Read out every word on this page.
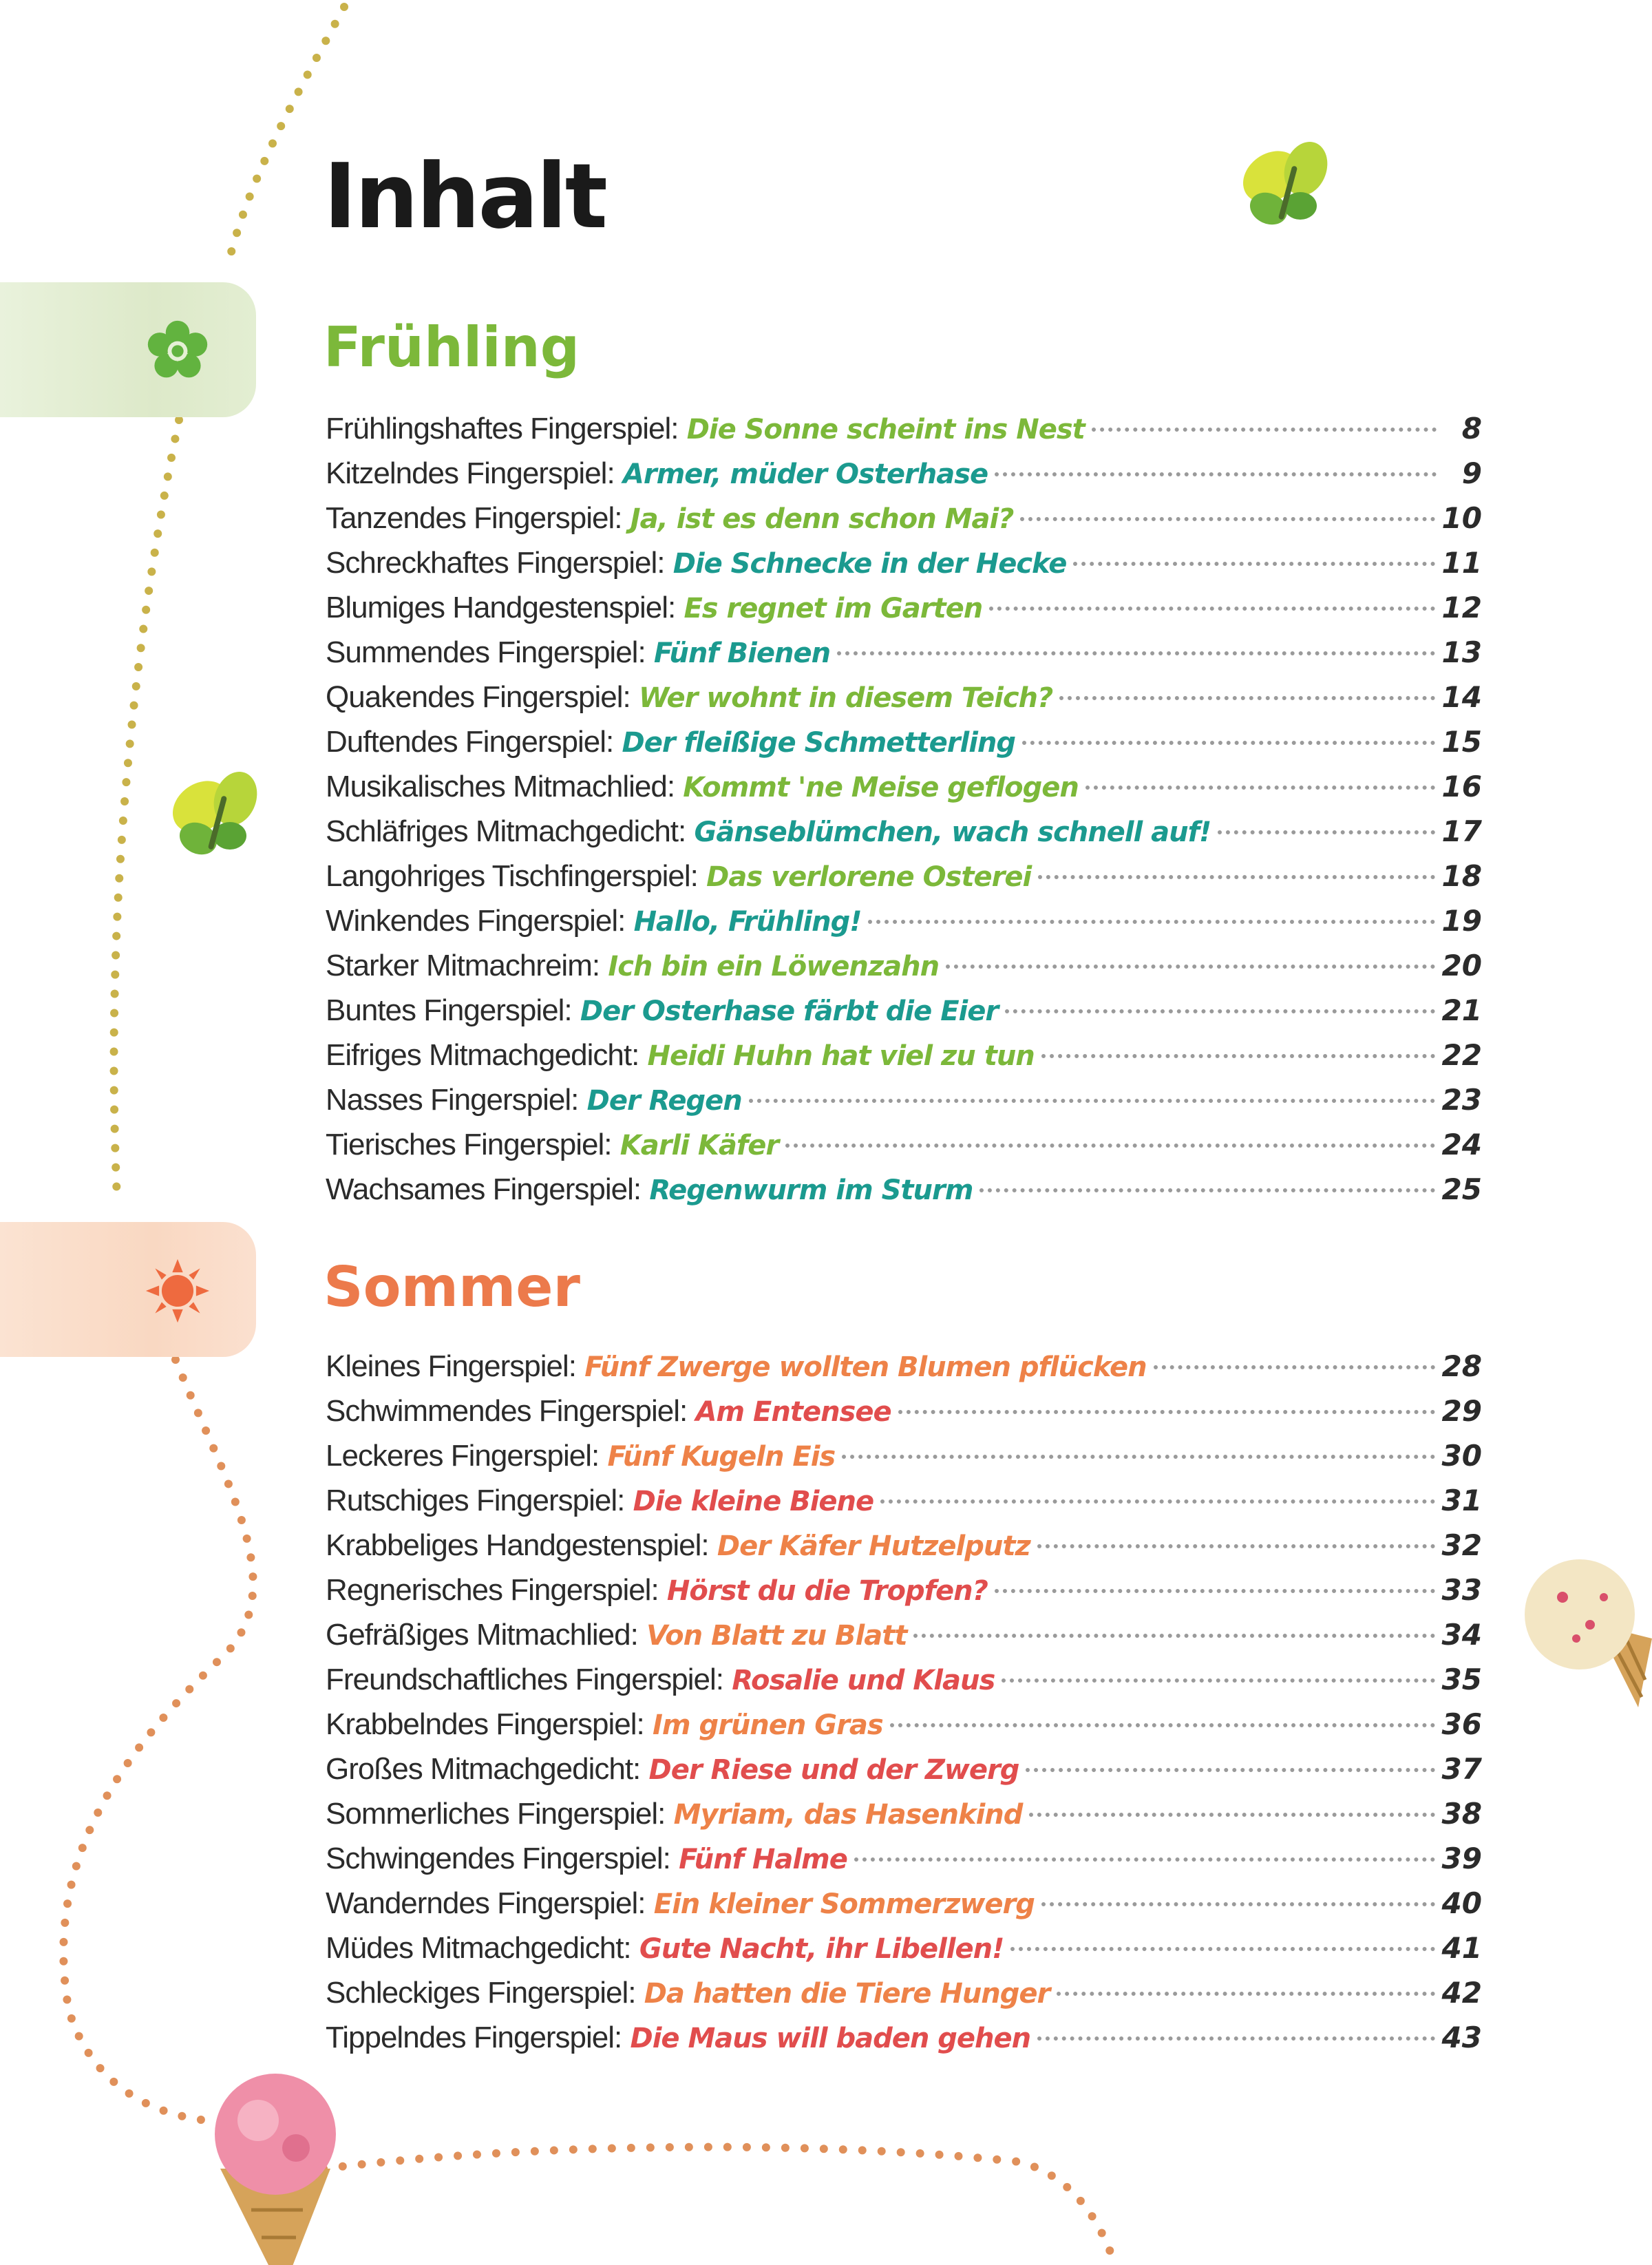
Inhalt
Frühling
Frühlingshaftes Fingerspiel:
Die Sonne scheint ins Nest	8
Kitzelndes Fingerspiel:
Armer, müder Osterhase	9
Tanzendes Fingerspiel:
Ja, ist es denn schon Mai?	10
Schreckhaftes Fingerspiel:
Die Schnecke in der Hecke	11
Blumiges Handgestenspiel:
Es regnet im Garten	12
Summendes Fingerspiel:
Fünf Bienen	13
Quakendes Fingerspiel:
Wer wohnt in diesem Teich?	14
Duftendes Fingerspiel:
Der fleißige Schmetterling	15
Musikalisches Mitmachlied:
Kommt 'ne Meise geflogen	16
Schläfriges Mitmachgedicht:
Gänseblümchen, wach schnell auf!	17
Langohriges Tischfingerspiel:
Das verlorene Osterei	18
Winkendes Fingerspiel:
Hallo, Frühling!	19
Starker Mitmachreim:
Ich bin ein Löwenzahn	20
Buntes Fingerspiel:
Der Osterhase färbt die Eier	21
Eifriges Mitmachgedicht:
Heidi Huhn hat viel zu tun	22
Nasses Fingerspiel:
Der Regen	23
Tierisches Fingerspiel:
Karli Käfer	24
Wachsames Fingerspiel:
Regenwurm im Sturm	25
Sommer
Kleines Fingerspiel:
Fünf Zwerge wollten Blumen pflücken	28
Schwimmendes Fingerspiel:
Am Entensee	29
Leckeres Fingerspiel:
Fünf Kugeln Eis	30
Rutschiges Fingerspiel:
Die kleine Biene	31
Krabbeliges Handgestenspiel:
Der Käfer Hutzelputz	32
Regnerisches Fingerspiel:
Hörst du die Tropfen?	33
Gefräßiges Mitmachlied:
Von Blatt zu Blatt	34
Freundschaftliches Fingerspiel:
Rosalie und Klaus	35
Krabbelndes Fingerspiel:
Im grünen Gras	36
Großes Mitmachgedicht:
Der Riese und der Zwerg	37
Sommerliches Fingerspiel:
Myriam, das Hasenkind	38
Schwingendes Fingerspiel:
Fünf Halme	39
Wanderndes Fingerspiel:
Ein kleiner Sommerzwerg	40
Müdes Mitmachgedicht:
Gute Nacht, ihr Libellen!	41
Schleckiges Fingerspiel:
Da hatten die Tiere Hunger	42
Tippelndes Fingerspiel:
Die Maus will baden gehen	43
